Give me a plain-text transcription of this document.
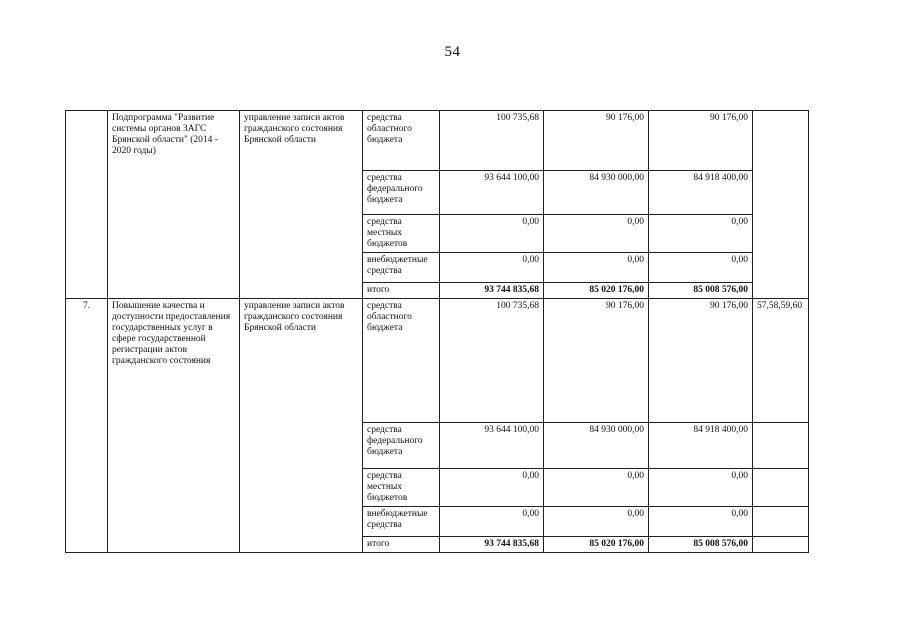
54
	Подпрограмма "Развитие системы органов ЗАГС Брянской области" (2014 - 2020 годы)	управление записи актов гражданского состояния Брянской области	средства областного бюджета	100 735,68	90 176,00	90 176,00	
			средства федерального бюджета	93 644 100,00	84 930 000,00	84 918 400,00	
			средства местных бюджетов	0,00	0,00	0,00	
			внебюджетные средства	0,00	0,00	0,00	
			итого	93 744 835,68	85 020 176,00	85 008 576,00	
7.	Повышение качества и доступности предоставления государственных услуг в сфере государственной регистрации актов гражданского состояния	управление записи актов гражданского состояния Брянской области	средства областного бюджета	100 735,68	90 176,00	90 176,00	57,58,59,60
			средства федерального бюджета	93 644 100,00	84 930 000,00	84 918 400,00	
			средства местных бюджетов	0,00	0,00	0,00	
			внебюджетные средства	0,00	0,00	0,00	
			итого	93 744 835,68	85 020 176,00	85 008 576,00	
